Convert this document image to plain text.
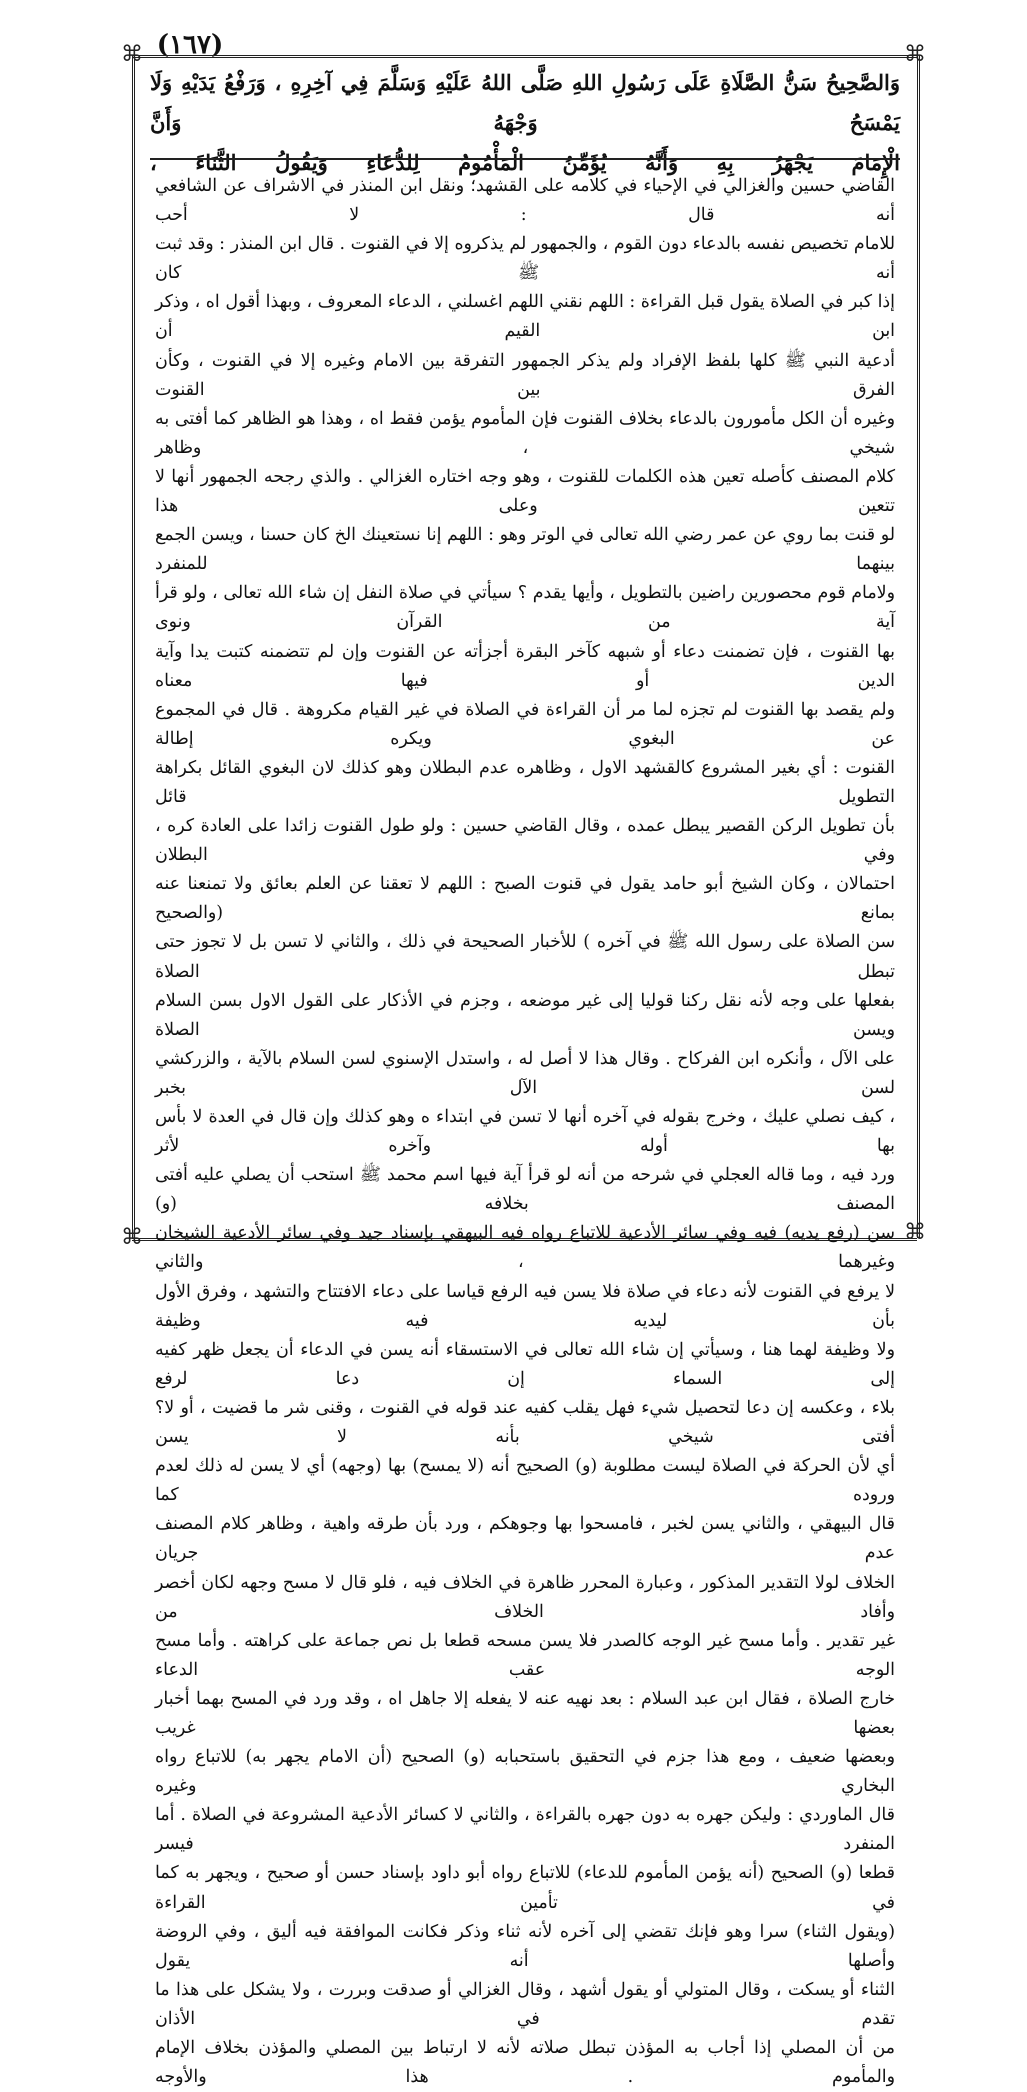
(١٦٧)
⌘	⌘
⌘
⌘

وَالصَّحِيحُ سَنُّ الصَّلَاةِ عَلَى رَسُولِ اللهِ صَلَّى اللهُ عَلَيْهِ وَسَلَّمَ فِي آخِرِهِ ، وَرَفْعُ يَدَيْهِ وَلَا يَمْسَحُ وَجْهَهُ وَأَنَّ

الْإِمَامَ يَجْهَرُ بِهِ وَأَنَّهُ يُؤَمِّنُ الْمَأْمُومُ لِلدُّعَاءِ وَيَقُولُ الثَّنَاءَ ،

القاضي حسين والغزالي في الإحياء في كلامه على القشهد؛ ونقل ابن المنذر في الاشراف عن الشافعي أنه قال : لا أحب

للامام تخصيص نفسه بالدعاء دون القوم ، والجمهور لم يذكروه إلا في القنوت . قال ابن المنذر : وقد ثبت أنه ﷺ كان

إذا كبر في الصلاة يقول قبل القراءة : اللهم نقني اللهم اغسلني ، الدعاء المعروف ، وبهذا أقول اه ، وذكر ابن القيم أن

أدعية النبي ﷺ كلها بلفظ الإفراد ولم يذكر الجمهور التفرقة بين الامام وغيره إلا في القنوت ، وكأن الفرق بين القنوت

وغيره أن الكل مأمورون بالدعاء بخلاف القنوت فإن المأموم يؤمن فقط اه ، وهذا هو الظاهر كما أفتى به شيخي ، وظاهر

كلام المصنف كأصله تعين هذه الكلمات للقنوت ، وهو وجه اختاره الغزالي . والذي رجحه الجمهور أنها لا تتعين وعلى هذا

لو قنت بما روي عن عمر رضي الله تعالى في الوتر وهو : اللهم إنا نستعينك الخ كان حسنا ، ويسن الجمع بينهما للمنفرد

ولامام قوم محصورين راضين بالتطويل ، وأيها يقدم ؟ سيأتي في صلاة النفل إن شاء الله تعالى ، ولو قرأ آية من القرآن ونوى

بها القنوت ، فإن تضمنت دعاء أو شبهه كآخر البقرة أجزأته عن القنوت وإن لم تتضمنه كتبت يدا وآية الدين أو فيها معناه

ولم يقصد بها القنوت لم تجزه لما مر أن القراءة في الصلاة في غير القيام مكروهة . قال في المجموع عن البغوي ويكره إطالة

القنوت : أي بغير المشروع كالقشهد الاول ، وظاهره عدم البطلان وهو كذلك لان البغوي القائل بكراهة التطويل قائل

بأن تطويل الركن القصير يبطل عمده ، وقال القاضي حسين : ولو طول القنوت زائدا على العادة كره ، وفي البطلان

احتمالان ، وكان الشيخ أبو حامد يقول في قنوت الصبح : اللهم لا تعقنا عن العلم بعائق ولا تمنعنا عنه بمانع (والصحيح

سن الصلاة على رسول الله ﷺ في آخره ) للأخبار الصحيحة في ذلك ، والثاني لا تسن بل لا تجوز حتى تبطل الصلاة

بفعلها على وجه لأنه نقل ركنا قوليا إلى غير موضعه ، وجزم في الأذكار على القول الاول بسن السلام ويسن الصلاة

على الآل ، وأنكره ابن الفركاح . وقال هذا لا أصل له ، واستدل الإسنوي لسن السلام بالآية ، والزركشي لسن الآل بخبر

، كيف نصلي عليك ، وخرج بقوله في آخره أنها لا تسن في ابتداء ه وهو كذلك وإن قال في العدة لا بأس بها أوله وآخره لأثر

ورد فيه ، وما قاله العجلي في شرحه من أنه لو قرأ آية فيها اسم محمد ﷺ استحب أن يصلي عليه أفتى المصنف بخلافه (و)

سن (رفع يديه) فيه وفي سائر الأدعية للاتباع رواه فيه البيهقي بإسناد جيد وفي سائر الأدعية الشيخان وغيرهما ، والثاني

لا يرفع في القنوت لأنه دعاء في صلاة فلا يسن فيه الرفع قياسا على دعاء الافتتاح والتشهد ، وفرق الأول بأن ليديه فيه وظيفة

ولا وظيفة لهما هنا ، وسيأتي إن شاء الله تعالى في الاستسقاء أنه يسن في الدعاء أن يجعل ظهر كفيه إلى السماء إن دعا لرفع

بلاء ، وعكسه إن دعا لتحصيل شيء فهل يقلب كفيه عند قوله في القنوت ، وقنى شر ما قضيت ، أو لا؟ أفتى شيخي بأنه لا يسن

أي لأن الحركة في الصلاة ليست مطلوبة (و) الصحيح أنه (لا يمسح) بها (وجهه) أي لا يسن له ذلك لعدم وروده كما

قال البيهقي ، والثاني يسن لخبر ، فامسحوا بها وجوهكم ، ورد بأن طرقه واهية ، وظاهر كلام المصنف عدم جريان

الخلاف لولا التقدير المذكور ، وعبارة المحرر ظاهرة في الخلاف فيه ، فلو قال لا مسح وجهه لكان أخصر وأفاد الخلاف من

غير تقدير . وأما مسح غير الوجه كالصدر فلا يسن مسحه قطعا بل نص جماعة على كراهته . وأما مسح الوجه عقب الدعاء

خارج الصلاة ، فقال ابن عبد السلام : بعد نهيه عنه لا يفعله إلا جاهل اه ، وقد ورد في المسح بهما أخبار بعضها غريب

وبعضها ضعيف ، ومع هذا جزم في التحقيق باستحبابه (و) الصحيح (أن الامام يجهر به) للاتباع رواه البخاري وغيره

قال الماوردي : وليكن جهره به دون جهره بالقراءة ، والثاني لا كسائر الأدعية المشروعة في الصلاة . أما المنفرد فيسر

قطعا (و) الصحيح (أنه يؤمن المأموم للدعاء) للاتباع رواه أبو داود بإسناد حسن أو صحيح ، ويجهر به كما في تأمين القراءة

(ويقول الثناء) سرا وهو فإنك تقضي إلى آخره لأنه ثناء وذكر فكانت الموافقة فيه أليق ، وفي الروضة وأصلها أنه يقول

الثناء أو يسكت ، وقال المتولي أو يقول أشهد ، وقال الغزالي أو صدقت وبررت ، ولا يشكل على هذا ما تقدم في الأذان

من أن المصلي إذا أجاب به المؤذن تبطل صلاته لأنه لا ارتباط بين المصلي والمؤذن بخلاف الإمام والمأموم . هذا والأوجه
